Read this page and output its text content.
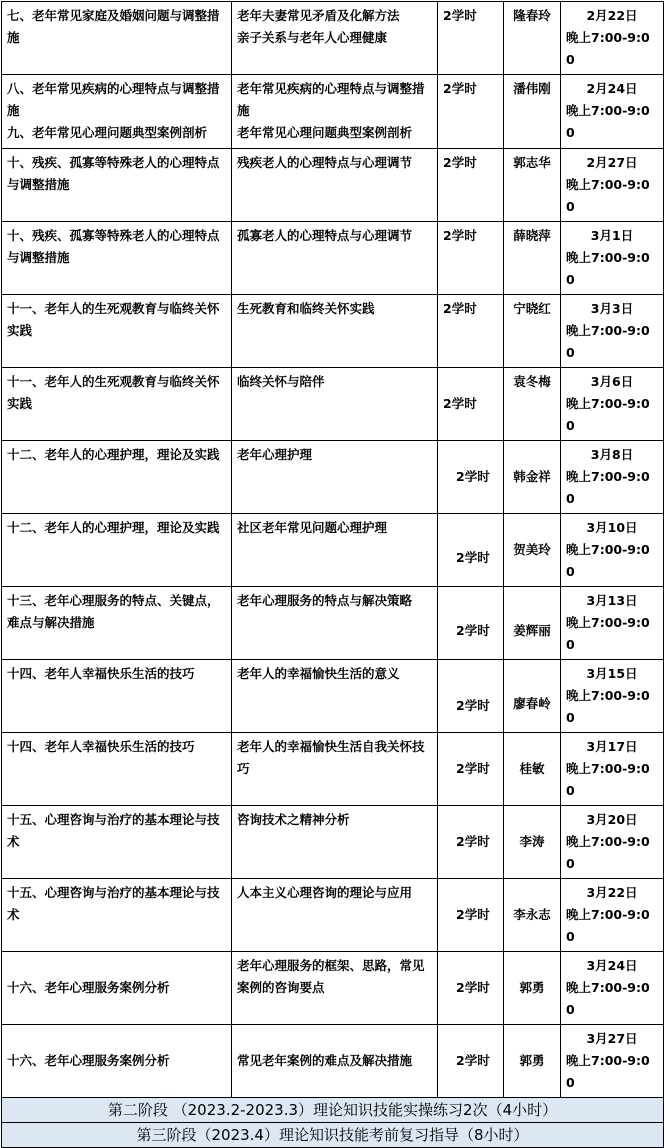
七、老年常见家庭及婚姻问题与调整措施	老年夫妻常见矛盾及化解方法
亲子关系与老年人心理健康	2学时	隆春玲	2月22日
晚上7:00-9:00

八、老年常见疾病的心理特点与调整措施
九、老年常见心理问题典型案例剖析	老年常见疾病的心理特点与调整措施
老年常见心理问题典型案例剖析	2学时	潘伟刚	2月24日
晚上7:00-9:00

十、残疾、孤寡等特殊老人的心理特点与调整措施	残疾老人的心理特点与心理调节	2学时	郭志华	2月27日
晚上7:00-9:00

十、残疾、孤寡等特殊老人的心理特点与调整措施	孤寡老人的心理特点与心理调节	2学时	薛晓萍	3月1日
晚上7:00-9:00

十一、老年人的生死观教育与临终关怀实践	生死教育和临终关怀实践	2学时	宁晓红	3月3日
晚上7:00-9:00

十一、老年人的生死观教育与临终关怀实践	临终关怀与陪伴	2学时	袁冬梅	3月6日
晚上7:00-9:00

十二、老年人的心理护理，理论及实践	老年心理护理	2学时	韩金祥	3月8日
晚上7:00-9:00

十二、老年人的心理护理，理论及实践	社区老年常见问题心理护理	2学时	贺美玲	3月10日
晚上7:00-9:00

十三、老年心理服务的特点、关键点，难点与解决措施	老年心理服务的特点与解决策略	2学时	姜辉丽	3月13日
晚上7:00-9:00

十四、老年人幸福快乐生活的技巧	老年人的幸福愉快生活的意义	2学时	廖春岭	3月15日
晚上7:00-9:00

十四、老年人幸福快乐生活的技巧	老年人的幸福愉快生活自我关怀技巧	2学时	桂敏	3月17日
晚上7:00-9:00

十五、心理咨询与治疗的基本理论与技术	咨询技术之精神分析	2学时	李涛	3月20日
晚上7:00-9:00

十五、心理咨询与治疗的基本理论与技术	人本主义心理咨询的理论与应用	2学时	李永志	3月22日
晚上7:00-9:00

十六、老年心理服务案例分析	老年心理服务的框架、思路，常见案例的咨询要点	2学时	郭勇	3月24日
晚上7:00-9:00

十六、老年心理服务案例分析	常见老年案例的难点及解决措施	2学时	郭勇	3月27日
晚上7:00-9:00

第二阶段 （2023.2-2023.3）理论知识技能实操练习2次（4小时）				
第三阶段（2023.4）理论知识技能考前复习指导（8小时）				
